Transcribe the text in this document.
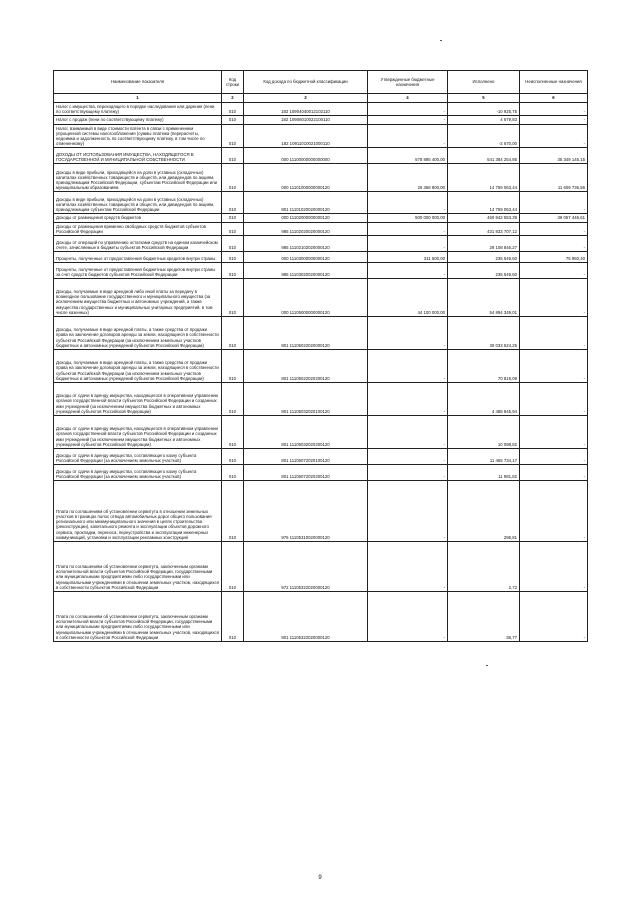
Наименование показателя	Код строки	Код дохода по бюджетной классификации	Утвержденные бюджетные назначения	Исполнено	Неисполненные назначения
1	2	3	4	5	6
Налог с имущества, переходящего в порядке наследования или дарения (пени по соответствующему платежу)	010	182 10904040012102110	-	-10 925,75	-
Налог с продаж (пени по соответствующему платежу)	010	182 10906010022100110	-	4 679,83	-
Налог, взимаемый в виде стоимости патента в связи с применением упрощенной системы налогообложения (суммы платежа (перерасчеты, недоимка и задолженность по соответствующему платежу, в том числе по отмененному)	010	182 10911010021000110	-	-2 670,00	-
ДОХОДЫ ОТ ИСПОЛЬЗОВАНИЯ ИМУЩЕСТВА, НАХОДЯЩЕГОСЯ В ГОСУДАРСТВЕННОЙ И МУНИЦИПАЛЬНОЙ СОБСТВЕННОСТИ	010	000 11100000000000000	578 895 400,00	541 384 254,85	35 349 145,15
Доходы в виде прибыли, приходящейся на доли в уставных (складочных) капиталах хозяйственных товариществ и обществ, или дивидендов по акциям, принадлежащим Российской Федерации, субъектам Российской Федерации или муниципальным образованиям	010	000 11101000000000120	26 368 800,00	14 759 063,44	11 609 736,56
Доходы в виде прибыли, приходящейся на доли в уставных (складочных) капиталах хозяйственных товариществ и обществ, или дивидендов по акциям, принадлежащим субъектам Российской Федерации	010	801 11101020020000120	-	14 759 063,44	-
Доходы от размещения средств бюджетов	010	000 11102000000000120	500 000 000,00	460 942 553,39	39 057 446,61
Доходы от размещения временно свободных средств бюджетов субъектов Российской Федерации	010	985 11102020020000120	-	431 833 707,12	-
Доходы от операций по управлению остатками средств на едином казначейском счете, зачисляемые в бюджеты субъектов Российской Федерации	010	985 11102102020000120	-	29 108 846,27	-
Проценты, полученные от предоставления бюджетных кредитов внутри страны	010	000 11103000000000120	311 500,00	235 549,60	75 950,40
Проценты, полученные от предоставления бюджетных кредитов внутри страны за счет средств бюджетов субъектов Российской Федерации	010	985 11103020020000120	-	235 549,60	-
Доходы, получаемые в виде арендной либо иной платы за передачу в возмездное пользование государственного и муниципального имущества (за исключением имущества бюджетных и автономных учреждений, а также имущества государственных и муниципальных унитарных предприятий, в том числе казенных)	010	000 11105000000000120	44 100 000,00	54 894 349,01	-
Доходы, получаемые в виде арендной платы, а также средства от продажи права на заключение договоров аренды за земли, находящиеся в собственности субъектов Российской Федерации (за исключением земельных участков бюджетных и автономных учреждений субъектов Российской Федерации)	010	801 11105022020000120	-	30 033 524,25	-
Доходы, получаемые в виде арендной платы, а также средства от продажи права на заключение договоров аренды за земли, находящиеся в собственности субъектов Российской Федерации (за исключением земельных участков бюджетных и автономных учреждений субъектов Российской Федерации)	010	801 11105022020200120	-	70 819,09	-
Доходы от сдачи в аренду имущества, находящегося в оперативном управлении органов государственной власти субъектов Российской Федерации и созданных ими учреждений (за исключением имущества бюджетных и автономных учреждений субъектов Российской Федерации)	010	801 11105032020100120	-	4 488 845,94	-
Доходы от сдачи в аренду имущества, находящегося в оперативном управлении органов государственной власти субъектов Российской Федерации и созданных ими учреждений (за исключением имущества бюджетных и автономных учреждений субъектов Российской Федерации)	010	801 11105032020200120	-	10 098,82	-
Доходы от сдачи в аренду имущества, составляющего казну субъекта Российской Федерации (за исключением земельных участков)	010	801 11105072020100120	-	11 465 734,17	-
Доходы от сдачи в аренду имущества, составляющего казну субъекта Российской Федерации (за исключением земельных участков)	010	801 11105072020200120	-	11 981,82	-
Плата по соглашениям об установлении сервитута в отношении земельных участков в границах полос отвода автомобильных дорог общего пользования регионального или межмуниципального значения в целях строительства (реконструкции), капитального ремонта и эксплуатации объектов дорожного сервиса, прокладки, переноса, переустройства и эксплуатации инженерных коммуникаций, установки и эксплуатации рекламных конструкций	010	976 11105310020000120	-	295,81	-
Плата по соглашениям об установлении сервитута, заключенным органами исполнительной власти субъектов Российской Федерации, государственными или муниципальными предприятиями либо государственными или муниципальными учреждениями в отношении земельных участков, находящихся в собственности субъектов Российской Федерации	010	972 11105322020000120	-	2,72	-
Плата по соглашениям об установлении сервитута, заключенным органами исполнительной власти субъектов Российской Федерации, государственными или муниципальными предприятиями либо государственными или муниципальными учреждениями в отношении земельных участков, находящихся в собственности субъектов Российской Федерации	010	801 11105322020000120	-	36,77	-
9
